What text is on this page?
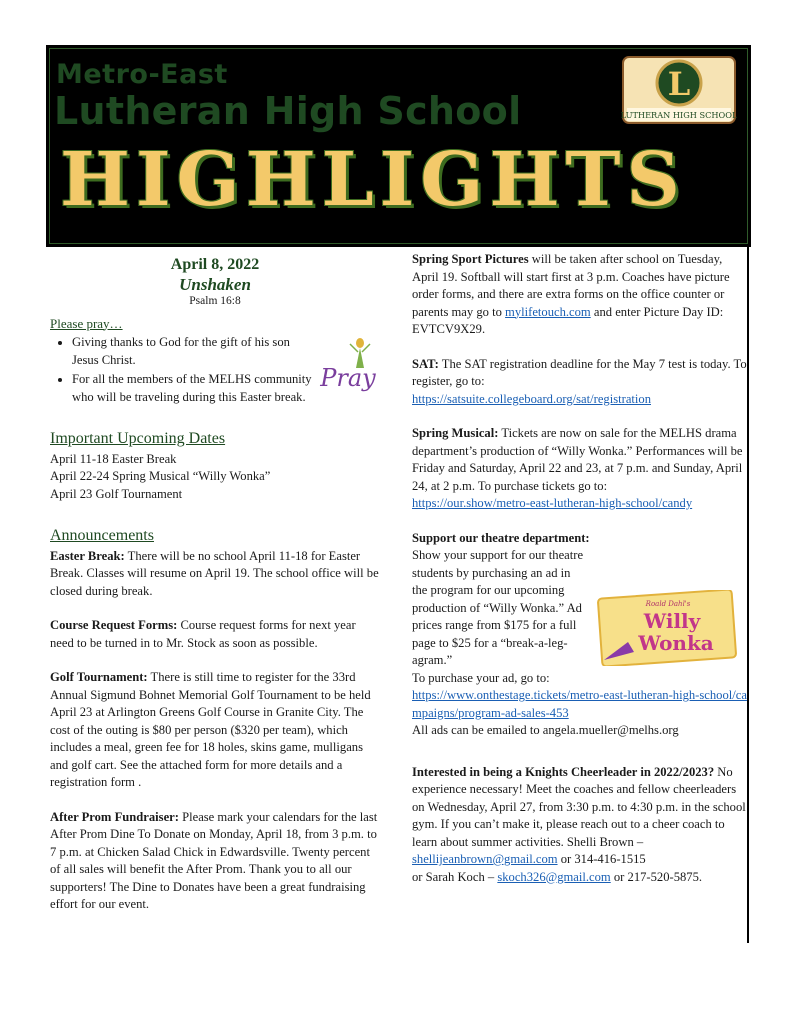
Metro-East
Lutheran High School
HIGHLIGHTS
L
LUTHERAN HIGH SCHOOL
April 8, 2022
Unshaken
Psalm 16:8
Please pray…
• Giving thanks to God for the gift of his son Jesus Christ.
• For all the members of the MELHS community who will be traveling during this Easter break.
Pray
Important Upcoming Dates
April 11-18 Easter Break
April 22-24 Spring Musical “Willy Wonka”
April 23 Golf Tournament
Announcements

Easter Break: There will be no school April 11-18 for Easter Break. Classes will resume on April 19. The school office will be closed during break.

Course Request Forms: Course request forms for next year need to be turned in to Mr. Stock as soon as possible.

Golf Tournament: There is still time to register for the 33rd Annual Sigmund Bohnet Memorial Golf Tournament to be held April 23 at Arlington Greens Golf Course in Granite City. The cost of the outing is $80 per person ($320 per team), which includes a meal, green fee for 18 holes, skins game, mulligans and golf cart. See the attached form for more details and a registration form .

After Prom Fundraiser: Please mark your calendars for the last After Prom Dine To Donate on Monday, April 18, from 3 p.m. to 7 p.m. at Chicken Salad Chick in Edwardsville. Twenty percent of all sales will benefit the After Prom. Thank you to all our supporters! The Dine to Donates have been a great fundraising effort for our event.

Spring Sport Pictures will be taken after school on Tuesday, April 19. Softball will start first at 3 p.m. Coaches have picture order forms, and there are extra forms on the office counter or parents may go to mylifetouch.com and enter Picture Day ID: EVTCV9X29.

SAT: The SAT registration deadline for the May 7 test is today. To register, go to:
https://satsuite.collegeboard.org/sat/registration

Spring Musical: Tickets are now on sale for the MELHS drama department’s production of “Willy Wonka.” Performances will be Friday and Saturday, April 22 and 23, at 7 p.m. and Sunday, April 24, at 2 p.m. To purchase tickets go to:
https://our.show/metro-east-lutheran-high-school/candy

Support our theatre department:
Show your support for our theatre students by purchasing an ad in the program for our upcoming production of “Willy Wonka.” Ad prices range from $175 for a full page to $25 for a “break-a-leg-agram.”

To purchase your ad, go to:
https://www.onthestage.tickets/metro-east-lutheran-high-school/campaigns/program-ad-sales-453
All ads can be emailed to angela.mueller@melhs.org
Roald Dahl's
Willy
Wonka

Interested in being a Knights Cheerleader in 2022/2023? No experience necessary! Meet the coaches and fellow cheerleaders on Wednesday, April 27, from 3:30 p.m. to 4:30 p.m. in the school gym. If you can’t make it, please reach out to a cheer coach to learn about summer activities. Shelli Brown –
shellijeanbrown@gmail.com or 314-416-1515
or Sarah Koch – skoch326@gmail.com or 217-520-5875.
